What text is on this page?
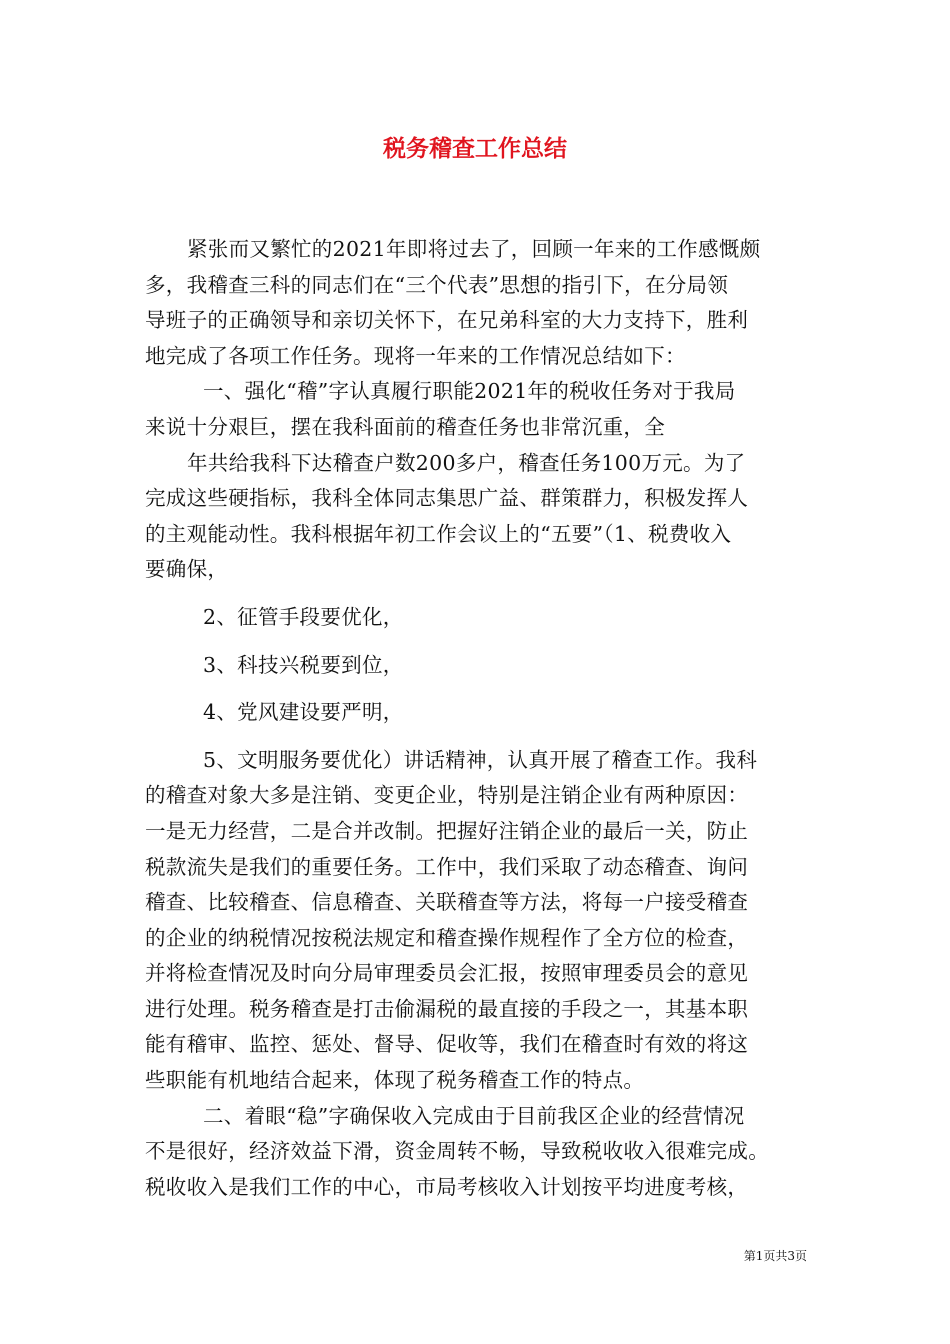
税务稽查工作总结
紧张而又繁忙的2021年即将过去了，回顾一年来的工作感慨颇
多，我稽查三科的同志们在“三个代表”思想的指引下，在分局领
导班子的正确领导和亲切关怀下，在兄弟科室的大力支持下，胜利
地完成了各项工作任务。现将一年来的工作情况总结如下：
一、强化“稽”字认真履行职能2021年的税收任务对于我局
来说十分艰巨，摆在我科面前的稽查任务也非常沉重，全
年共给我科下达稽查户数200多户，稽查任务100万元。为了
完成这些硬指标，我科全体同志集思广益、群策群力，积极发挥人
的主观能动性。我科根据年初工作会议上的“五要”（1、税费收入
要确保，
2、征管手段要优化，
3、科技兴税要到位，
4、党风建设要严明，
5、文明服务要优化）讲话精神，认真开展了稽查工作。我科
的稽查对象大多是注销、变更企业，特别是注销企业有两种原因：
一是无力经营，二是合并改制。把握好注销企业的最后一关，防止
税款流失是我们的重要任务。工作中，我们采取了动态稽查、询问
稽查、比较稽查、信息稽查、关联稽查等方法，将每一户接受稽查
的企业的纳税情况按税法规定和稽查操作规程作了全方位的检查，
并将检查情况及时向分局审理委员会汇报，按照审理委员会的意见
进行处理。税务稽查是打击偷漏税的最直接的手段之一，其基本职
能有稽审、监控、惩处、督导、促收等，我们在稽查时有效的将这
些职能有机地结合起来，体现了税务稽查工作的特点。
二、着眼“稳”字确保收入完成由于目前我区企业的经营情况
不是很好，经济效益下滑，资金周转不畅，导致税收收入很难完成。
税收收入是我们工作的中心，市局考核收入计划按平均进度考核，
第1页共3页
